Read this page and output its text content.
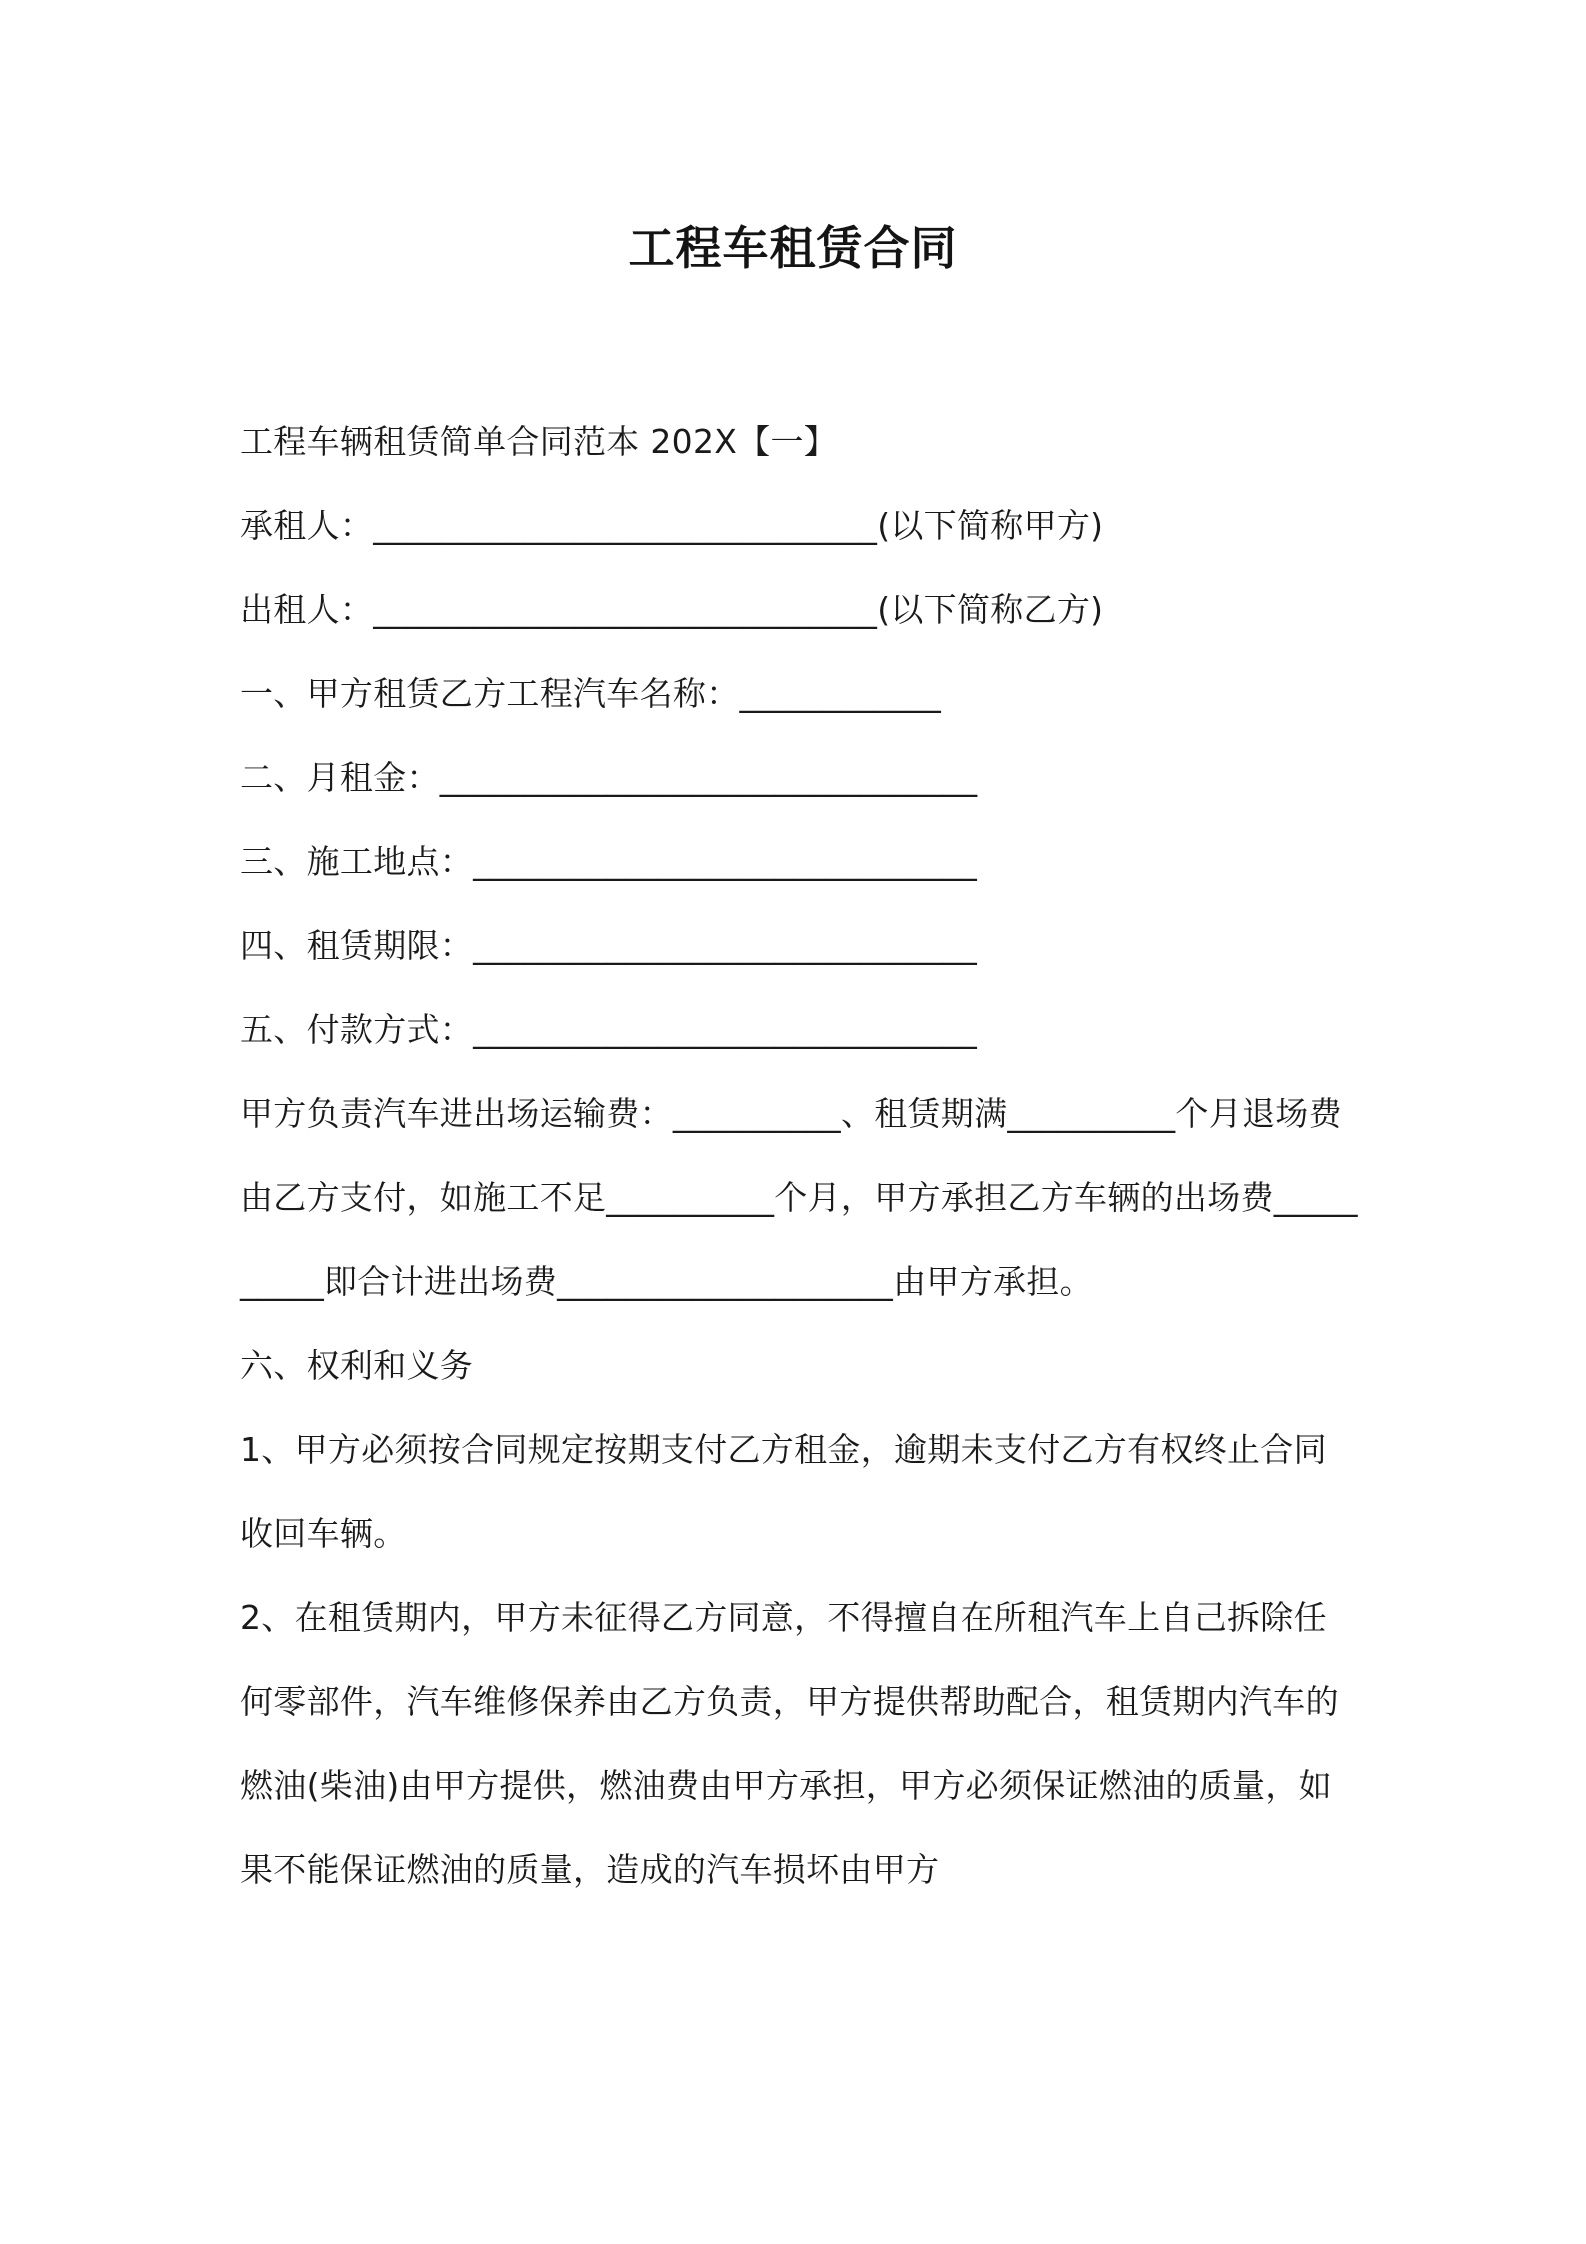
工程车租赁合同
工程车辆租赁简单合同范本 202X【一】
承租人：______________________________(以下简称甲方)
出租人：______________________________(以下简称乙方)
一、甲方租赁乙方工程汽车名称：____________
二、月租金：________________________________
三、施工地点：______________________________
四、租赁期限：______________________________
五、付款方式：______________________________
甲方负责汽车进出场运输费：__________、租赁期满__________个月退场费由乙方支付，如施工不足__________个月，甲方承担乙方车辆的出场费__________即合计进出场费____________________由甲方承担。
六、权利和义务
1、甲方必须按合同规定按期支付乙方租金，逾期未支付乙方有权终止合同收回车辆。
2、在租赁期内，甲方未征得乙方同意，不得擅自在所租汽车上自己拆除任何零部件，汽车维修保养由乙方负责，甲方提供帮助配合，租赁期内汽车的燃油(柴油)由甲方提供，燃油费由甲方承担，甲方必须保证燃油的质量，如果不能保证燃油的质量，造成的汽车损坏由甲方
